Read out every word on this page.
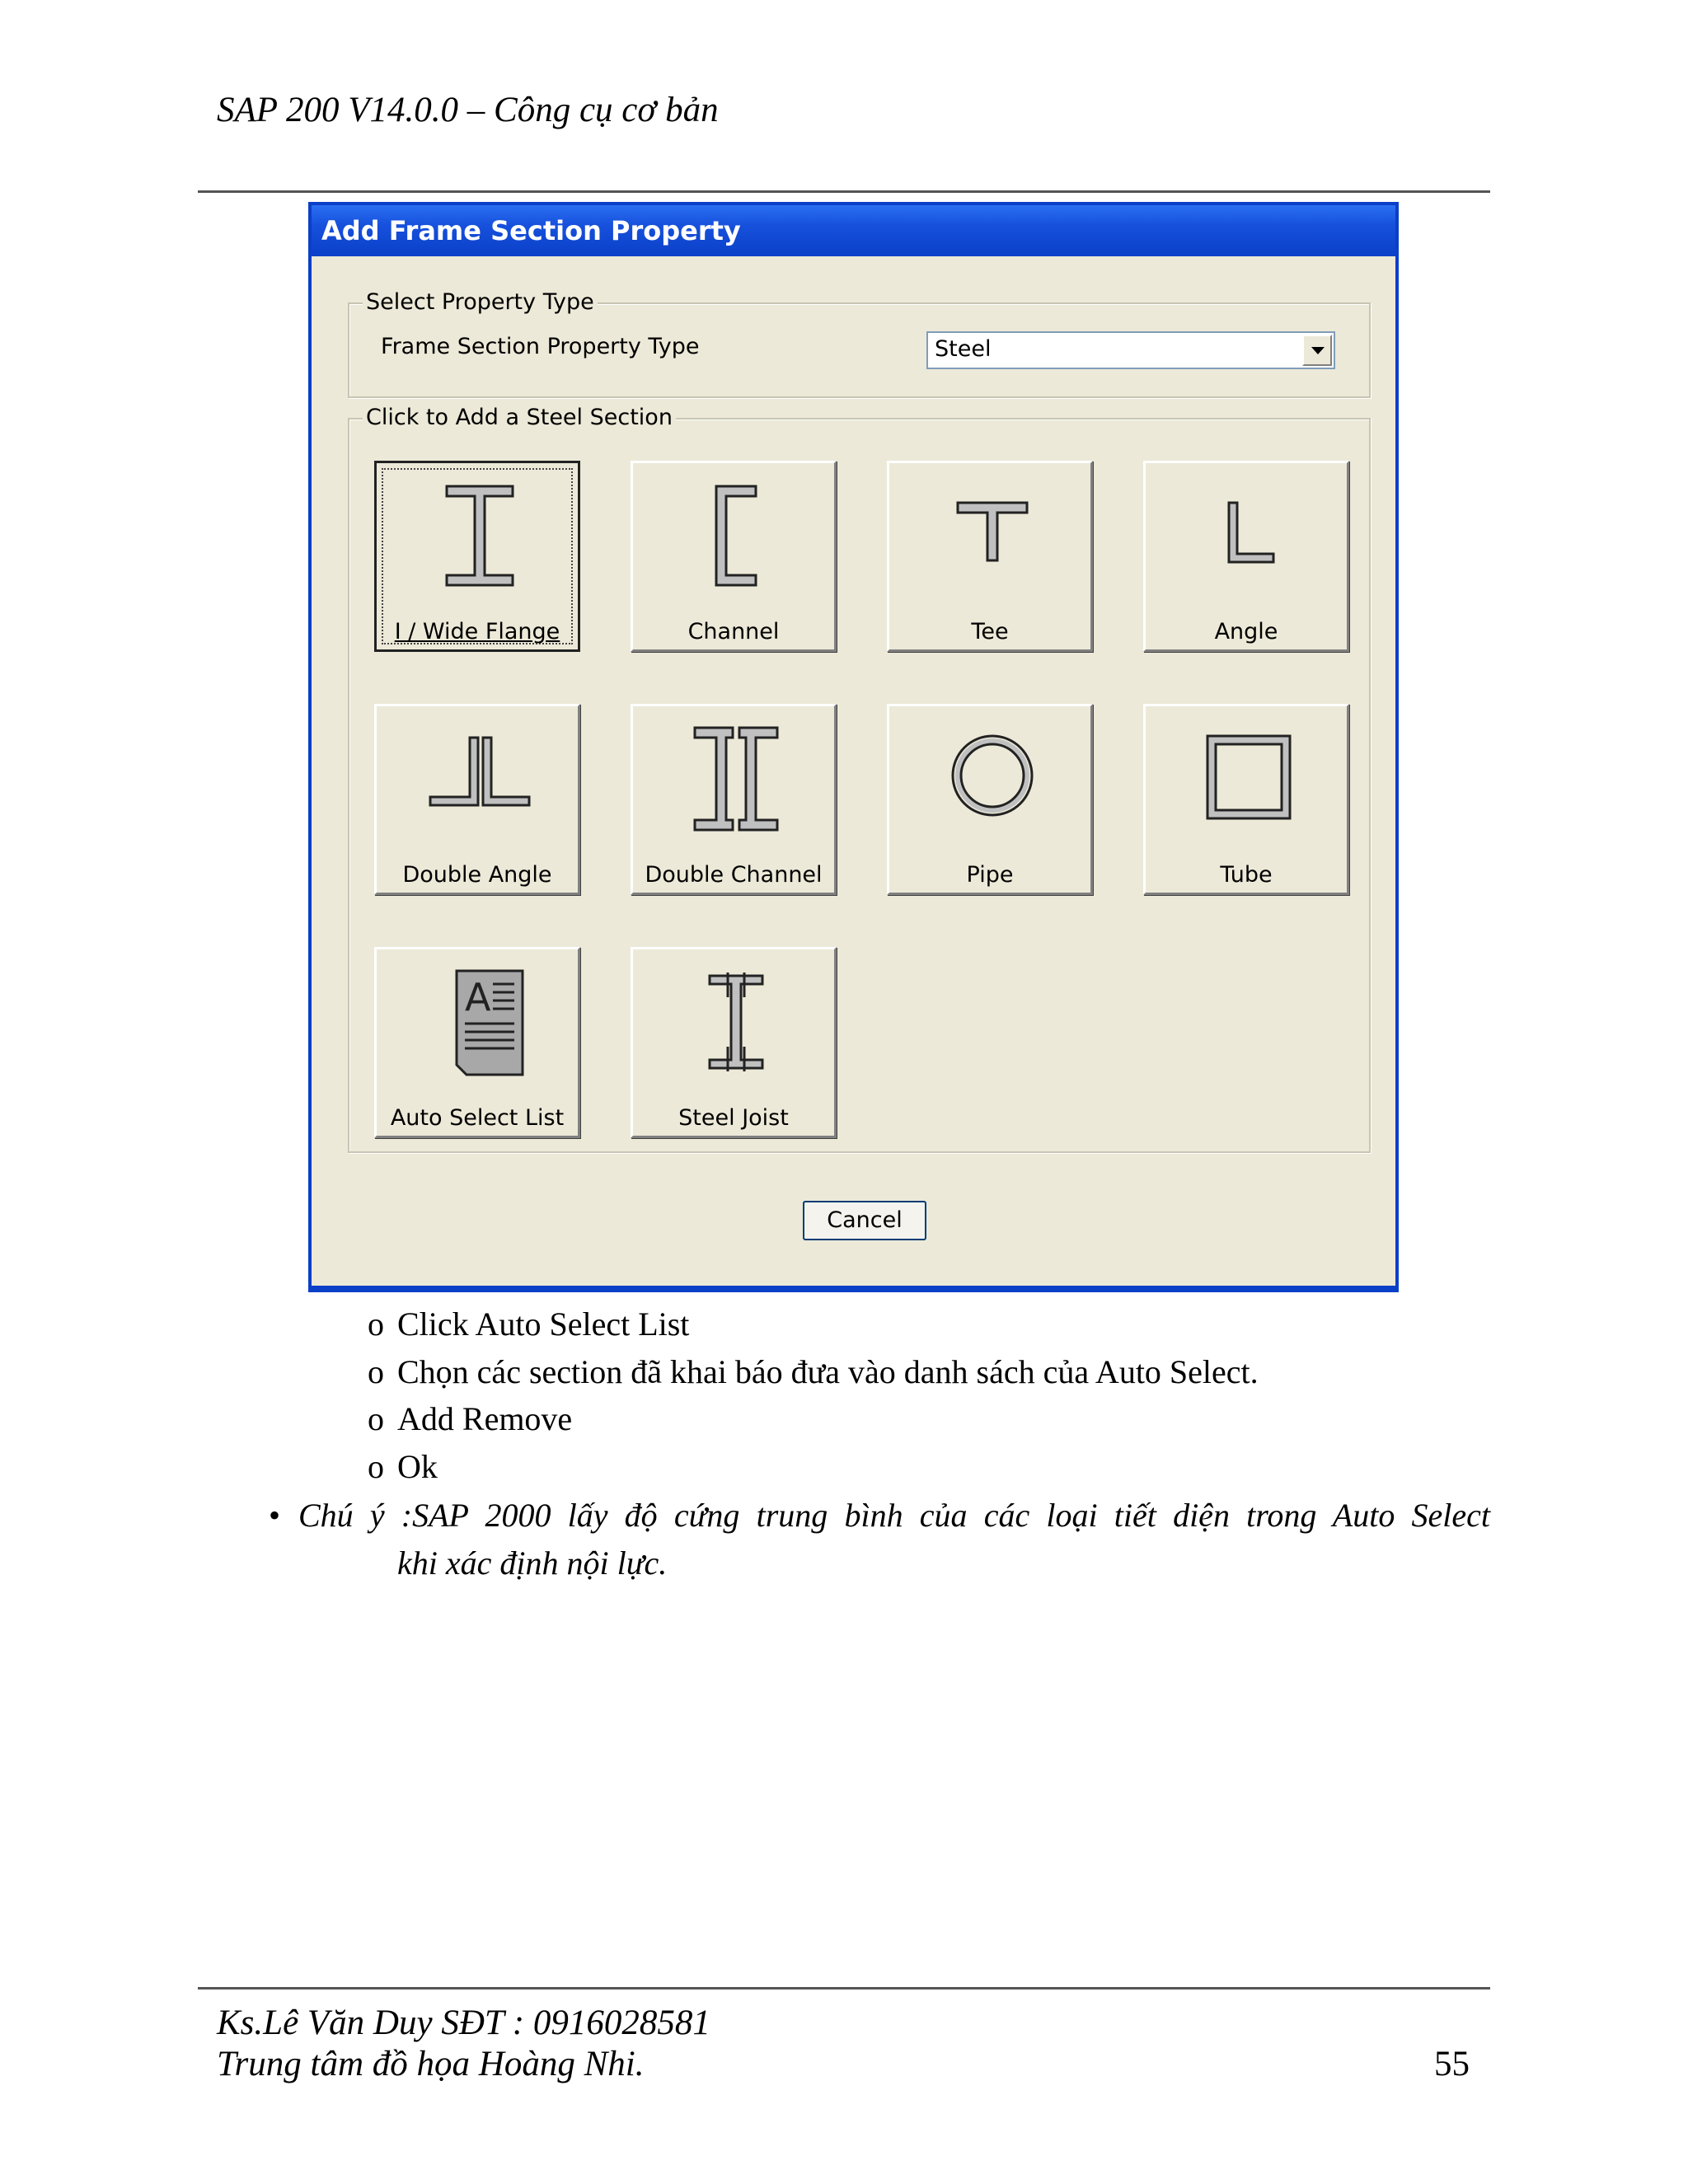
SAP 200 V14.0.0 – Công cụ cơ bản
Add Frame Section Property
Select Property Type
Frame Section Property Type	Steel
Click to Add a Steel Section
I / Wide Flange	Channel	Tee	Angle
Double Angle	Double Channel	Pipe	Tube
A
Auto Select List	Steel Joist
Cancel
o Click Auto Select List
o Chọn các section đã khai báo đưa vào danh sách của Auto Select.
o Add Remove
o Ok
• Chú ý :SAP 2000 lấy độ cứng trung bình của các loại tiết diện trong Auto Select
khi xác định nội lực.
Ks.Lê Văn Duy SĐT : 0916028581
Trung tâm đồ họa Hoàng Nhi.	55
